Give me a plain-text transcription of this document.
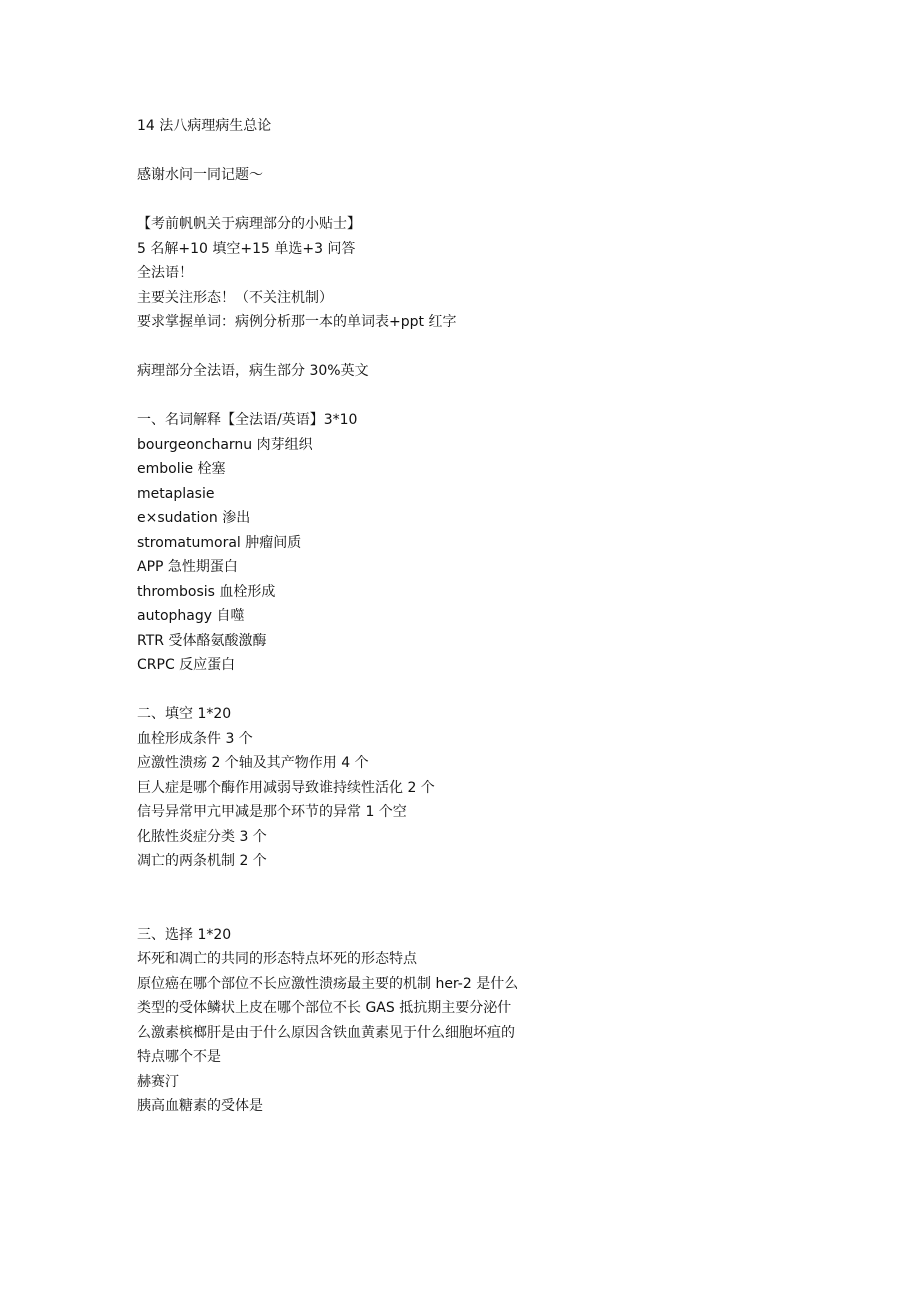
14 法八病理病生总论
感谢水问一同记题～
【考前帆帆关于病理部分的小贴士】
5 名解+10 填空+15 单选+3 问答
全法语！
主要关注形态！（不关注机制）
要求掌握单词：病例分析那一本的单词表+ppt 红字
病理部分全法语，病生部分 30%英文
一、名词解释【全法语/英语】3*10
bourgeoncharnu 肉芽组织
embolie 栓塞
metaplasie
e×sudation 渗出
stromatumoral 肿瘤间质
APP 急性期蛋白
thrombosis 血栓形成
autophagy 自噬
RTR 受体酪氨酸激酶
CRPC 反应蛋白
二、填空 1*20
血栓形成条件 3 个
应激性溃疡 2 个轴及其产物作用 4 个
巨人症是哪个酶作用减弱导致谁持续性活化 2 个
信号异常甲亢甲减是那个环节的异常 1 个空
化脓性炎症分类 3 个
凋亡的两条机制 2 个
三、选择 1*20
坏死和凋亡的共同的形态特点坏死的形态特点
原位癌在哪个部位不长应激性溃疡最主要的机制 her-2 是什么
类型的受体鳞状上皮在哪个部位不长 GAS 抵抗期主要分泌什
么激素槟榔肝是由于什么原因含铁血黄素见于什么细胞坏疽的
特点哪个不是
赫赛汀
胰高血糖素的受体是
